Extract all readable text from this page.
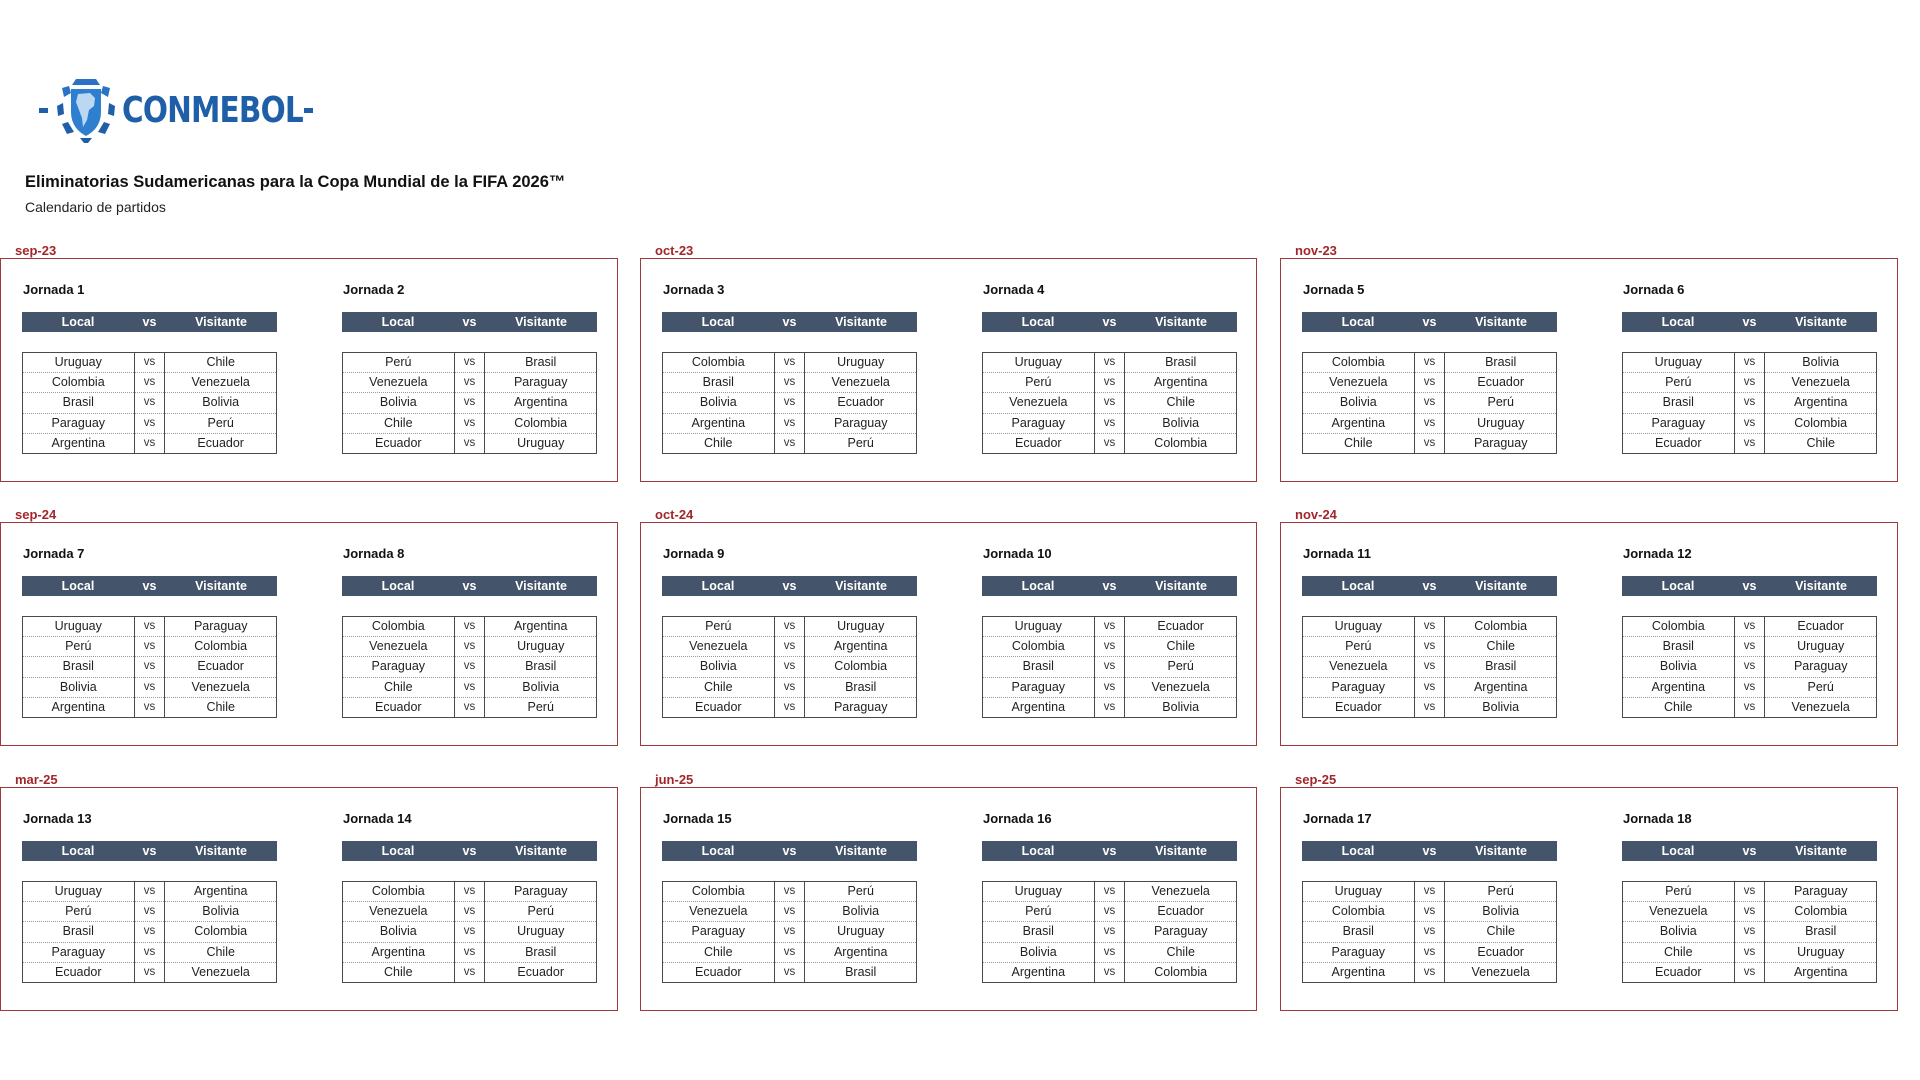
CONMEBOL
Eliminatorias Sudamericanas para la Copa Mundial de la FIFA 2026™
Calendario de partidos
sep-23
Jornada 1
Local	vs	Visitante
Uruguay	vs	Chile
Colombia	vs	Venezuela
Brasil	vs	Bolivia
Paraguay	vs	Perú
Argentina	vs	Ecuador
Jornada 2
Local	vs	Visitante
Perú	vs	Brasil
Venezuela	vs	Paraguay
Bolivia	vs	Argentina
Chile	vs	Colombia
Ecuador	vs	Uruguay
oct-23
Jornada 3
Local	vs	Visitante
Colombia	vs	Uruguay
Brasil	vs	Venezuela
Bolivia	vs	Ecuador
Argentina	vs	Paraguay
Chile	vs	Perú
Jornada 4
Local	vs	Visitante
Uruguay	vs	Brasil
Perú	vs	Argentina
Venezuela	vs	Chile
Paraguay	vs	Bolivia
Ecuador	vs	Colombia
nov-23
Jornada 5
Local	vs	Visitante
Colombia	vs	Brasil
Venezuela	vs	Ecuador
Bolivia	vs	Perú
Argentina	vs	Uruguay
Chile	vs	Paraguay
Jornada 6
Local	vs	Visitante
Uruguay	vs	Bolivia
Perú	vs	Venezuela
Brasil	vs	Argentina
Paraguay	vs	Colombia
Ecuador	vs	Chile
sep-24
Jornada 7
Local	vs	Visitante
Uruguay	vs	Paraguay
Perú	vs	Colombia
Brasil	vs	Ecuador
Bolivia	vs	Venezuela
Argentina	vs	Chile
Jornada 8
Local	vs	Visitante
Colombia	vs	Argentina
Venezuela	vs	Uruguay
Paraguay	vs	Brasil
Chile	vs	Bolivia
Ecuador	vs	Perú
oct-24
Jornada 9
Local	vs	Visitante
Perú	vs	Uruguay
Venezuela	vs	Argentina
Bolivia	vs	Colombia
Chile	vs	Brasil
Ecuador	vs	Paraguay
Jornada 10
Local	vs	Visitante
Uruguay	vs	Ecuador
Colombia	vs	Chile
Brasil	vs	Perú
Paraguay	vs	Venezuela
Argentina	vs	Bolivia
nov-24
Jornada 11
Local	vs	Visitante
Uruguay	vs	Colombia
Perú	vs	Chile
Venezuela	vs	Brasil
Paraguay	vs	Argentina
Ecuador	vs	Bolivia
Jornada 12
Local	vs	Visitante
Colombia	vs	Ecuador
Brasil	vs	Uruguay
Bolivia	vs	Paraguay
Argentina	vs	Perú
Chile	vs	Venezuela
mar-25
Jornada 13
Local	vs	Visitante
Uruguay	vs	Argentina
Perú	vs	Bolivia
Brasil	vs	Colombia
Paraguay	vs	Chile
Ecuador	vs	Venezuela
Jornada 14
Local	vs	Visitante
Colombia	vs	Paraguay
Venezuela	vs	Perú
Bolivia	vs	Uruguay
Argentina	vs	Brasil
Chile	vs	Ecuador
jun-25
Jornada 15
Local	vs	Visitante
Colombia	vs	Perú
Venezuela	vs	Bolivia
Paraguay	vs	Uruguay
Chile	vs	Argentina
Ecuador	vs	Brasil
Jornada 16
Local	vs	Visitante
Uruguay	vs	Venezuela
Perú	vs	Ecuador
Brasil	vs	Paraguay
Bolivia	vs	Chile
Argentina	vs	Colombia
sep-25
Jornada 17
Local	vs	Visitante
Uruguay	vs	Perú
Colombia	vs	Bolivia
Brasil	vs	Chile
Paraguay	vs	Ecuador
Argentina	vs	Venezuela
Jornada 18
Local	vs	Visitante
Perú	vs	Paraguay
Venezuela	vs	Colombia
Bolivia	vs	Brasil
Chile	vs	Uruguay
Ecuador	vs	Argentina
